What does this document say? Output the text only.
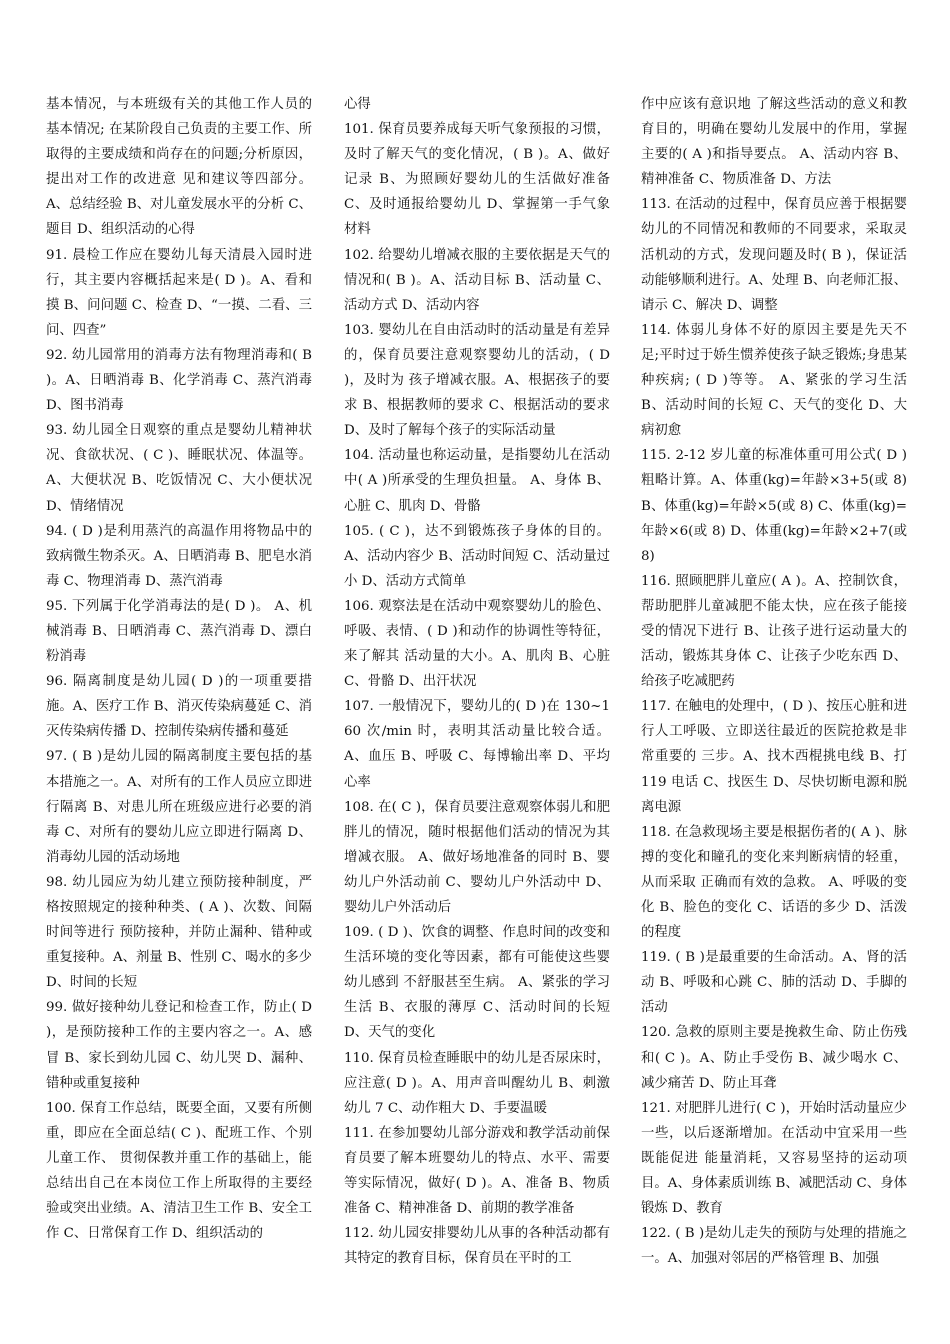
基本情况，与本班级有关的其他工作人员的基本情况; 在某阶段自己负责的主要工作、所取得的主要成绩和尚存在的问题;分析原因，提出对工作的改进意 见和建议等四部分。A、总结经验 B、对儿童发展水平的分析 C、题目 D、组织活动的心得

91. 晨检工作应在婴幼儿每天清晨入园时进行，其主要内容概括起来是( D )。A、看和摸 B、问问题 C、检查 D、“一摸、二看、三问、四查”

92. 幼儿园常用的消毒方法有物理消毒和( B )。A、日晒消毒 B、化学消毒 C、蒸汽消毒 D、图书消毒

93. 幼儿园全日观察的重点是婴幼儿精神状况、食欲状况、( C )、睡眠状况、体温等。A、大便状况 B、吃饭情况 C、大小便状况 D、情绪情况

94. ( D )是利用蒸汽的高温作用将物品中的致病微生物杀灭。A、日晒消毒 B、肥皂水消毒 C、物理消毒 D、蒸汽消毒

95. 下列属于化学消毒法的是( D )。 A、机械消毒 B、日晒消毒 C、蒸汽消毒 D、漂白粉消毒

96. 隔离制度是幼儿园( D )的一项重要措施。A、医疗工作 B、消灭传染病蔓延 C、消灭传染病传播 D、控制传染病传播和蔓延

97. ( B )是幼儿园的隔离制度主要包括的基本措施之一。A、对所有的工作人员应立即进行隔离 B、对患儿所在班级应进行必要的消毒 C、对所有的婴幼儿应立即进行隔离 D、消毒幼儿园的活动场地

98. 幼儿园应为幼儿建立预防接种制度，严格按照规定的接种种类、( A )、次数、间隔时间等进行 预防接种，并防止漏种、错种或重复接种。A、剂量 B、性别 C、喝水的多少 D、时间的长短

99. 做好接种幼儿登记和检查工作，防止( D )，是预防接种工作的主要内容之一。A、感冒 B、家长到幼儿园 C、幼儿哭 D、漏种、错种或重复接种

100. 保育工作总结，既要全面，又要有所侧重，即应在全面总结( C )、配班工作、个别儿童工作、 贯彻保教并重工作的基础上，能总结出自己在本岗位工作上所取得的主要经验或突出业绩。A、清洁卫生工作 B、安全工作 C、日常保育工作 D、组织活动的

心得

101. 保育员要养成每天听气象预报的习惯，及时了解天气的变化情况，( B )。A、做好记录 B、为照顾好婴幼儿的生活做好准备 C、及时通报给婴幼儿 D、掌握第一手气象材料

102. 给婴幼儿增减衣服的主要依据是天气的情况和( B )。A、活动目标 B、活动量 C、活动方式 D、活动内容

103. 婴幼儿在自由活动时的活动量是有差异的，保育员要注意观察婴幼儿的活动，( D )，及时为 孩子增减衣服。A、根据孩子的要求 B、根据教师的要求 C、根据活动的要求 D、及时了解每个孩子的实际活动量

104. 活动量也称运动量，是指婴幼儿在活动中( A )所承受的生理负担量。 A、身体 B、心脏 C、肌肉 D、骨骼

105. ( C )，达不到锻炼孩子身体的目的。A、活动内容少 B、活动时间短 C、活动量过小 D、活动方式简单

106. 观察法是在活动中观察婴幼儿的脸色、呼吸、表情、( D )和动作的协调性等特征，来了解其 活动量的大小。A、肌肉 B、心脏 C、骨骼 D、出汗状况

107. 一般情况下，婴幼儿的( D )在 130~160 次/min 时，表明其活动量比较合适。A、血压 B、呼吸 C、每博输出率 D、平均心率

108. 在( C )，保育员要注意观察体弱儿和肥胖儿的情况，随时根据他们活动的情况为其增减衣服。 A、做好场地准备的同时 B、婴幼儿户外活动前 C、婴幼儿户外活动中 D、婴幼儿户外活动后

109. ( D )、饮食的调整、作息时间的改变和生活环境的变化等因素，都有可能使这些婴幼儿感到 不舒服甚至生病。 A、紧张的学习生活 B、衣服的薄厚 C、活动时间的长短 D、天气的变化

110. 保育员检查睡眠中的幼儿是否尿床时，应注意( D )。A、用声音叫醒幼儿 B、刺激幼儿 7 C、动作粗大 D、手要温暖

111. 在参加婴幼儿部分游戏和教学活动前保育员要了解本班婴幼儿的特点、水平、需要等实际情况，做好( D )。A、准备 B、物质准备 C、精神准备 D、前期的教学准备

112. 幼儿园安排婴幼儿从事的各种活动都有其特定的教育目标，保育员在平时的工

作中应该有意识地 了解这些活动的意义和教育目的，明确在婴幼儿发展中的作用，掌握主要的( A )和指导要点。 A、活动内容 B、精神准备 C、物质准备 D、方法

113. 在活动的过程中，保育员应善于根据婴幼儿的不同情况和教师的不同要求，采取灵活机动的方式，发现问题及时( B )，保证活动能够顺利进行。A、处理 B、向老师汇报、请示 C、解决 D、调整

114. 体弱儿身体不好的原因主要是先天不足;平时过于娇生惯养使孩子缺乏锻炼;身患某种疾病; ( D )等等。 A、紧张的学习生活 B、活动时间的长短 C、天气的变化 D、大病初愈

115. 2-12 岁儿童的标准体重可用公式( D )粗略计算。A、体重(kg)=年龄×3+5(或 8) B、体重(kg)=年龄×5(或 8) C、体重(kg)=年龄×6(或 8) D、体重(kg)=年龄×2+7(或 8)

116. 照顾肥胖儿童应( A )。A、控制饮食，帮助肥胖儿童减肥不能太快，应在孩子能接受的情况下进行 B、让孩子进行运动量大的活动，锻炼其身体 C、让孩子少吃东西 D、给孩子吃减肥药

117. 在触电的处理中，( D )、按压心脏和进行人工呼吸、立即送往最近的医院抢救是非常重要的 三步。A、找木西棍挑电线 B、打 119 电话 C、找医生 D、尽快切断电源和脱离电源

118. 在急救现场主要是根据伤者的( A )、脉搏的变化和瞳孔的变化来判断病情的轻重，从而采取 正确而有效的急救。 A、呼吸的变化 B、脸色的变化 C、话语的多少 D、活泼的程度

119. ( B )是最重要的生命活动。A、肾的活动 B、呼吸和心跳 C、肺的活动 D、手脚的活动

120. 急救的原则主要是挽救生命、防止伤残和( C )。A、防止手受伤 B、减少喝水 C、减少痛苦 D、防止耳聋

121. 对肥胖儿进行( C )，开始时活动量应少一些，以后逐渐增加。在活动中宜采用一些既能促进 能量消耗，又容易坚持的运动项目。A、身体素质训练 B、减肥活动 C、身体锻炼 D、教育

122. ( B )是幼儿走失的预防与处理的措施之一。A、加强对邻居的严格管理 B、加强
